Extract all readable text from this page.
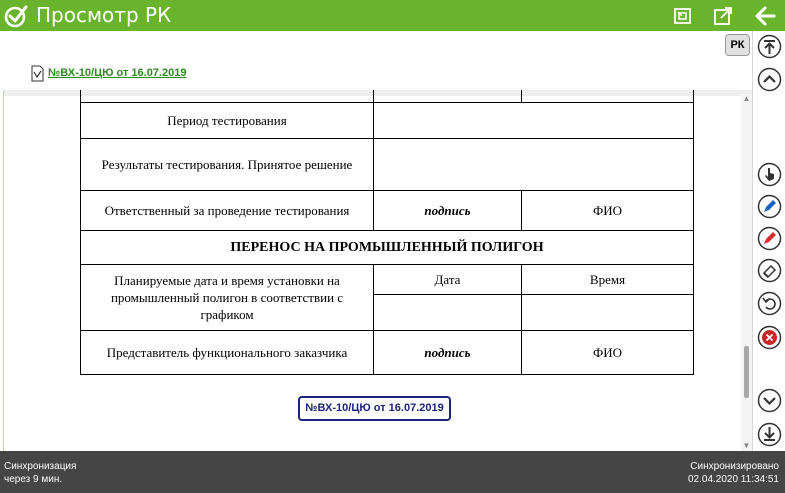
Просмотр РК
РК
№ВХ-10/ЦЮ от 16.07.2019

Период тестирования		
Результаты тестирования. Принятое решение		
Ответственный за проведение тестирования	подпись	ФИО
ПЕРЕНОС НА ПРОМЫШЛЕННЫЙ ПОЛИГОН		
Планируемые дата и время установки на промышленный полигон в соответствии с графиком	Дата	Время

Представитель функционального заказчика	подпись	ФИО
№ВХ-10/ЦЮ от 16.07.2019
▲
▼
Синхронизация
через 9 мин.
Синхронизировано
02.04.2020 11:34:51
